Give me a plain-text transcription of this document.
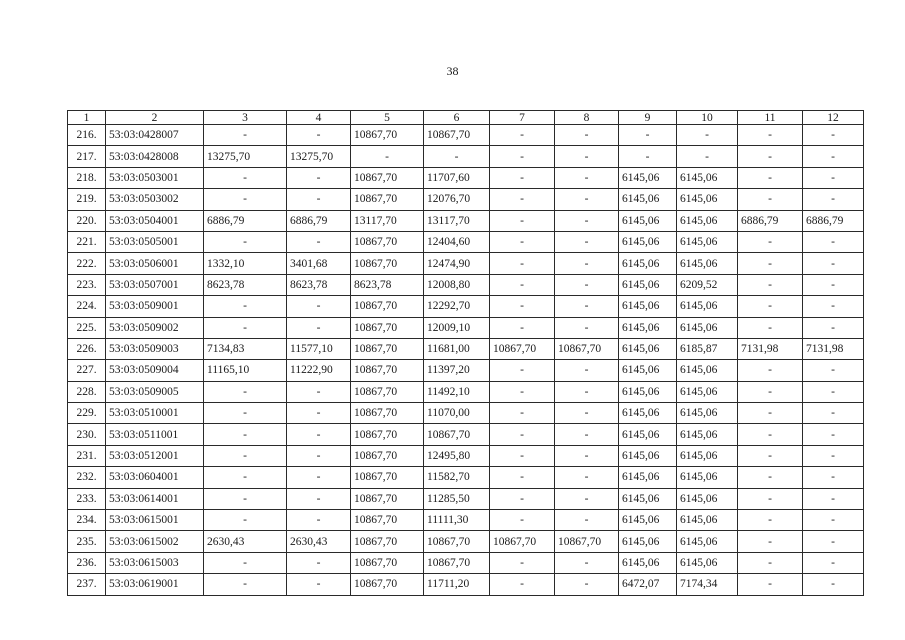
38
1	2	3	4	5	6	7	8	9	10	11	12
216.	53:03:0428007	-	-	10867,70	10867,70	-	-	-	-	-	-
217.	53:03:0428008	13275,70	13275,70	-	-	-	-	-	-	-	-
218.	53:03:0503001	-	-	10867,70	11707,60	-	-	6145,06	6145,06	-	-
219.	53:03:0503002	-	-	10867,70	12076,70	-	-	6145,06	6145,06	-	-
220.	53:03:0504001	6886,79	6886,79	13117,70	13117,70	-	-	6145,06	6145,06	6886,79	6886,79
221.	53:03:0505001	-	-	10867,70	12404,60	-	-	6145,06	6145,06	-	-
222.	53:03:0506001	1332,10	3401,68	10867,70	12474,90	-	-	6145,06	6145,06	-	-
223.	53:03:0507001	8623,78	8623,78	8623,78	12008,80	-	-	6145,06	6209,52	-	-
224.	53:03:0509001	-	-	10867,70	12292,70	-	-	6145,06	6145,06	-	-
225.	53:03:0509002	-	-	10867,70	12009,10	-	-	6145,06	6145,06	-	-
226.	53:03:0509003	7134,83	11577,10	10867,70	11681,00	10867,70	10867,70	6145,06	6185,87	7131,98	7131,98
227.	53:03:0509004	11165,10	11222,90	10867,70	11397,20	-	-	6145,06	6145,06	-	-
228.	53:03:0509005	-	-	10867,70	11492,10	-	-	6145,06	6145,06	-	-
229.	53:03:0510001	-	-	10867,70	11070,00	-	-	6145,06	6145,06	-	-
230.	53:03:0511001	-	-	10867,70	10867,70	-	-	6145,06	6145,06	-	-
231.	53:03:0512001	-	-	10867,70	12495,80	-	-	6145,06	6145,06	-	-
232.	53:03:0604001	-	-	10867,70	11582,70	-	-	6145,06	6145,06	-	-
233.	53:03:0614001	-	-	10867,70	11285,50	-	-	6145,06	6145,06	-	-
234.	53:03:0615001	-	-	10867,70	11111,30	-	-	6145,06	6145,06	-	-
235.	53:03:0615002	2630,43	2630,43	10867,70	10867,70	10867,70	10867,70	6145,06	6145,06	-	-
236.	53:03:0615003	-	-	10867,70	10867,70	-	-	6145,06	6145,06	-	-
237.	53:03:0619001	-	-	10867,70	11711,20	-	-	6472,07	7174,34	-	-
